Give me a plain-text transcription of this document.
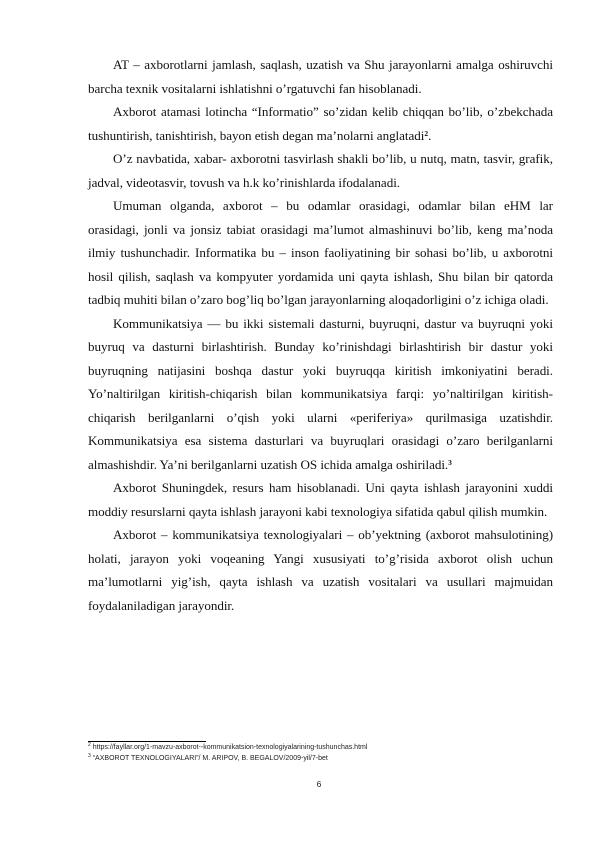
AT – axborotlarni jamlash, saqlash, uzatish va Shu jarayonlarni amalga oshiruvchi barcha texnik vositalarni ishlatishni o’rgatuvchi fan hisoblanadi.

Axborot atamasi lotincha “Informatio” so’zidan kelib chiqqan bo’lib, o’zbekchada tushuntirish, tanishtirish, bayon etish degan ma’nolarni anglatadi$^2$.

O’z navbatida, xabar- axborotni tasvirlash shakli bo’lib, u nutq, matn, tasvir, grafik, jadval, videotasvir, tovush va h.k ko’rinishlarda ifodalanadi.

Umuman olganda, axborot – bu odamlar orasidagi, odamlar bilan eHM lar orasidagi, jonli va jonsiz tabiat orasidagi ma’lumot almashinuvi bo’lib, keng ma’noda ilmiy tushunchadir. Informatika bu – inson faoliyatining bir sohasi bo’lib, u axborotni hosil qilish, saqlash va kompyuter yordamida uni qayta ishlash, Shu bilan bir qatorda tadbiq muhiti bilan o’zaro bog’liq bo’lgan jarayonlarning aloqadorligini o’z ichiga oladi.

Kommunikatsiya — bu ikki sistemali dasturni, buyruqni, dastur va buyruqni yoki buyruq va dasturni birlashtirish. Bunday ko’rinishdagi birlashtirish bir dastur yoki buyruqning natijasini boshqa dastur yoki buyruqqa kiritish imkoniyatini beradi. Yo’naltirilgan kiritish-chiqarish bilan kommunikatsiya farqi: yo’naltirilgan kiritish-chiqarish berilganlarni o’qish yoki ularni «periferiya» qurilmasiga uzatishdir. Kommunikatsiya esa sistema dasturlari va buyruqlari orasidagi o’zaro berilganlarni almashishdir. Ya’ni berilganlarni uzatish OS ichida amalga oshiriladi.$^3$

Axborot Shuningdek, resurs ham hisoblanadi. Uni qayta ishlash jarayonini xuddi moddiy resurslarni qayta ishlash jarayoni kabi texnologiya sifatida qabul qilish mumkin.

Axborot – kommunikatsiya texnologiyalari – ob’yektning (axborot mahsulotining) holati, jarayon yoki voqeaning Yangi xususiyati to’g’risida axborot olish uchun ma’lumotlarni yig’ish, qayta ishlash va uzatish vositalari va usullari majmuidan foydalaniladigan jarayondir.

$^2$ https://fayllar.org/1-mavzu-axborot--kommunikatsion-texnologiyalarining-tushunchas.html
$^3$ “AXBOROT TEXNOLOGIYALARI”/ M. ARIPOV, B. BEGALOV/2009-yil/7-bet
6
